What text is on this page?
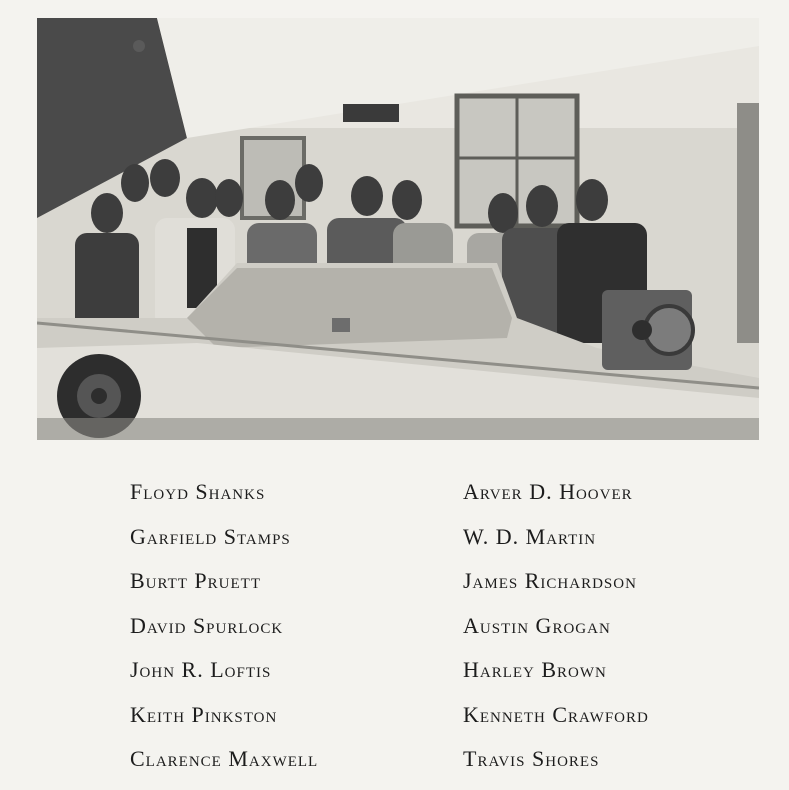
Floyd Shanks
Garfield Stamps
Burtt Pruett
David Spurlock
John R. Loftis
Keith Pinkston
Clarence Maxwell
Arver D. Hoover
W. D. Martin
James Richardson
Austin Grogan
Harley Brown
Kenneth Crawford
Travis Shores
